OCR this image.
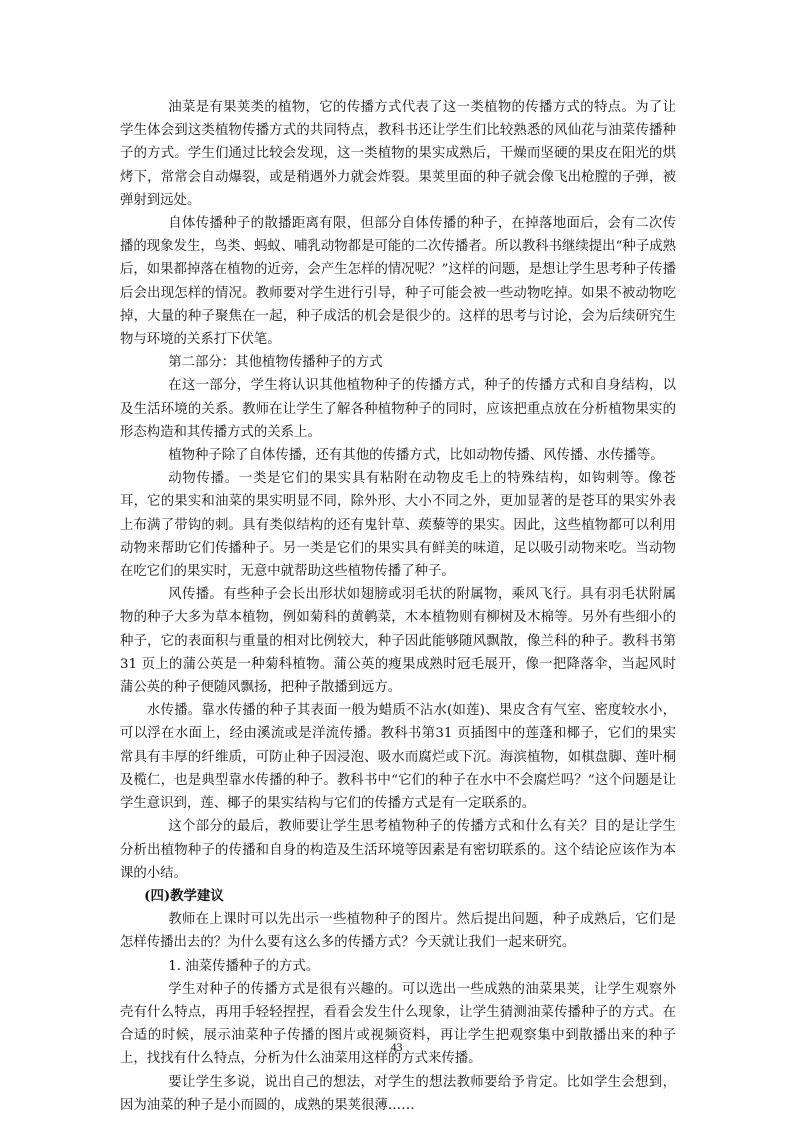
油菜是有果荚类的植物，它的传播方式代表了这一类植物的传播方式的特点。为了让学生体会到这类植物传播方式的共同特点，教科书还让学生们比较熟悉的风仙花与油菜传播种子的方式。学生们通过比较会发现，这一类植物的果实成熟后，干燥而坚硬的果皮在阳光的烘烤下，常常会自动爆裂，或是稍遇外力就会炸裂。果荚里面的种子就会像飞出枪膛的子弹，被弹射到远处。

自体传播种子的散播距离有限，但部分自体传播的种子，在掉落地面后，会有二次传播的现象发生，鸟类、蚂蚁、哺乳动物都是可能的二次传播者。所以教科书继续提出“种子成熟后，如果都掉落在植物的近旁，会产生怎样的情况呢？”这样的问题，是想让学生思考种子传播后会出现怎样的情况。教师要对学生进行引导，种子可能会被一些动物吃掉。如果不被动物吃掉，大量的种子聚焦在一起，种子成活的机会是很少的。这样的思考与讨论，会为后续研究生物与环境的关系打下伏笔。

第二部分：其他植物传播种子的方式

在这一部分，学生将认识其他植物种子的传播方式，种子的传播方式和自身结构，以及生活环境的关系。教师在让学生了解各种植物种子的同时，应该把重点放在分析植物果实的形态构造和其传播方式的关系上。

植物种子除了自体传播，还有其他的传播方式，比如动物传播、风传播、水传播等。

动物传播。一类是它们的果实具有粘附在动物皮毛上的特殊结构，如钩刺等。像苍耳，它的果实和油菜的果实明显不同，除外形、大小不同之外，更加显著的是苍耳的果实外表上布满了带钩的刺。具有类似结构的还有鬼针草、蒺藜等的果实。因此，这些植物都可以利用动物来帮助它们传播种子。另一类是它们的果实具有鲜美的味道，足以吸引动物来吃。当动物在吃它们的果实时，无意中就帮助这些植物传播了种子。

风传播。有些种子会长出形状如翅膀或羽毛状的附属物，乘风飞行。具有羽毛状附属物的种子大多为草本植物，例如菊科的黄鹌菜，木本植物则有柳树及木棉等。另外有些细小的种子，它的表面积与重量的相对比例较大，种子因此能够随风飘散，像兰科的种子。教科书第 31 页上的蒲公英是一种菊科植物。蒲公英的瘦果成熟时冠毛展开，像一把降落伞，当起风时蒲公英的种子便随风飘扬，把种子散播到远方。

水传播。靠水传播的种子其表面一般为蜡质不沾水(如莲)、果皮含有气室、密度较水小，可以浮在水面上，经由溪流或是洋流传播。教科书第31 页插图中的莲蓬和椰子，它们的果实常具有丰厚的纤维质，可防止种子因浸泡、吸水而腐烂或下沉。海滨植物，如棋盘脚、莲叶桐及榄仁，也是典型靠水传播的种子。教科书中“它们的种子在水中不会腐烂吗？”这个问题是让学生意识到，莲、椰子的果实结构与它们的传播方式是有一定联系的。

这个部分的最后，教师要让学生思考植物种子的传播方式和什么有关？目的是让学生分析出植物种子的传播和自身的构造及生活环境等因素是有密切联系的。这个结论应该作为本课的小结。

(四)教学建议

教师在上课时可以先出示一些植物种子的图片。然后提出问题，种子成熟后，它们是怎样传播出去的？为什么要有这么多的传播方式？今天就让我们一起来研究。

1. 油菜传播种子的方式。

学生对种子的传播方式是很有兴趣的。可以选出一些成熟的油菜果荚，让学生观察外壳有什么特点，再用手轻轻捏捏，看看会发生什么现象，让学生猜测油菜传播种子的方式。在合适的时候，展示油菜种子传播的图片或视频资料，再让学生把观察集中到散播出来的种子上，找找有什么特点，分析为什么油菜用这样的方式来传播。

要让学生多说，说出自己的想法，对学生的想法教师要给予肯定。比如学生会想到，因为油菜的种子是小而圆的，成熟的果荚很薄……

43
